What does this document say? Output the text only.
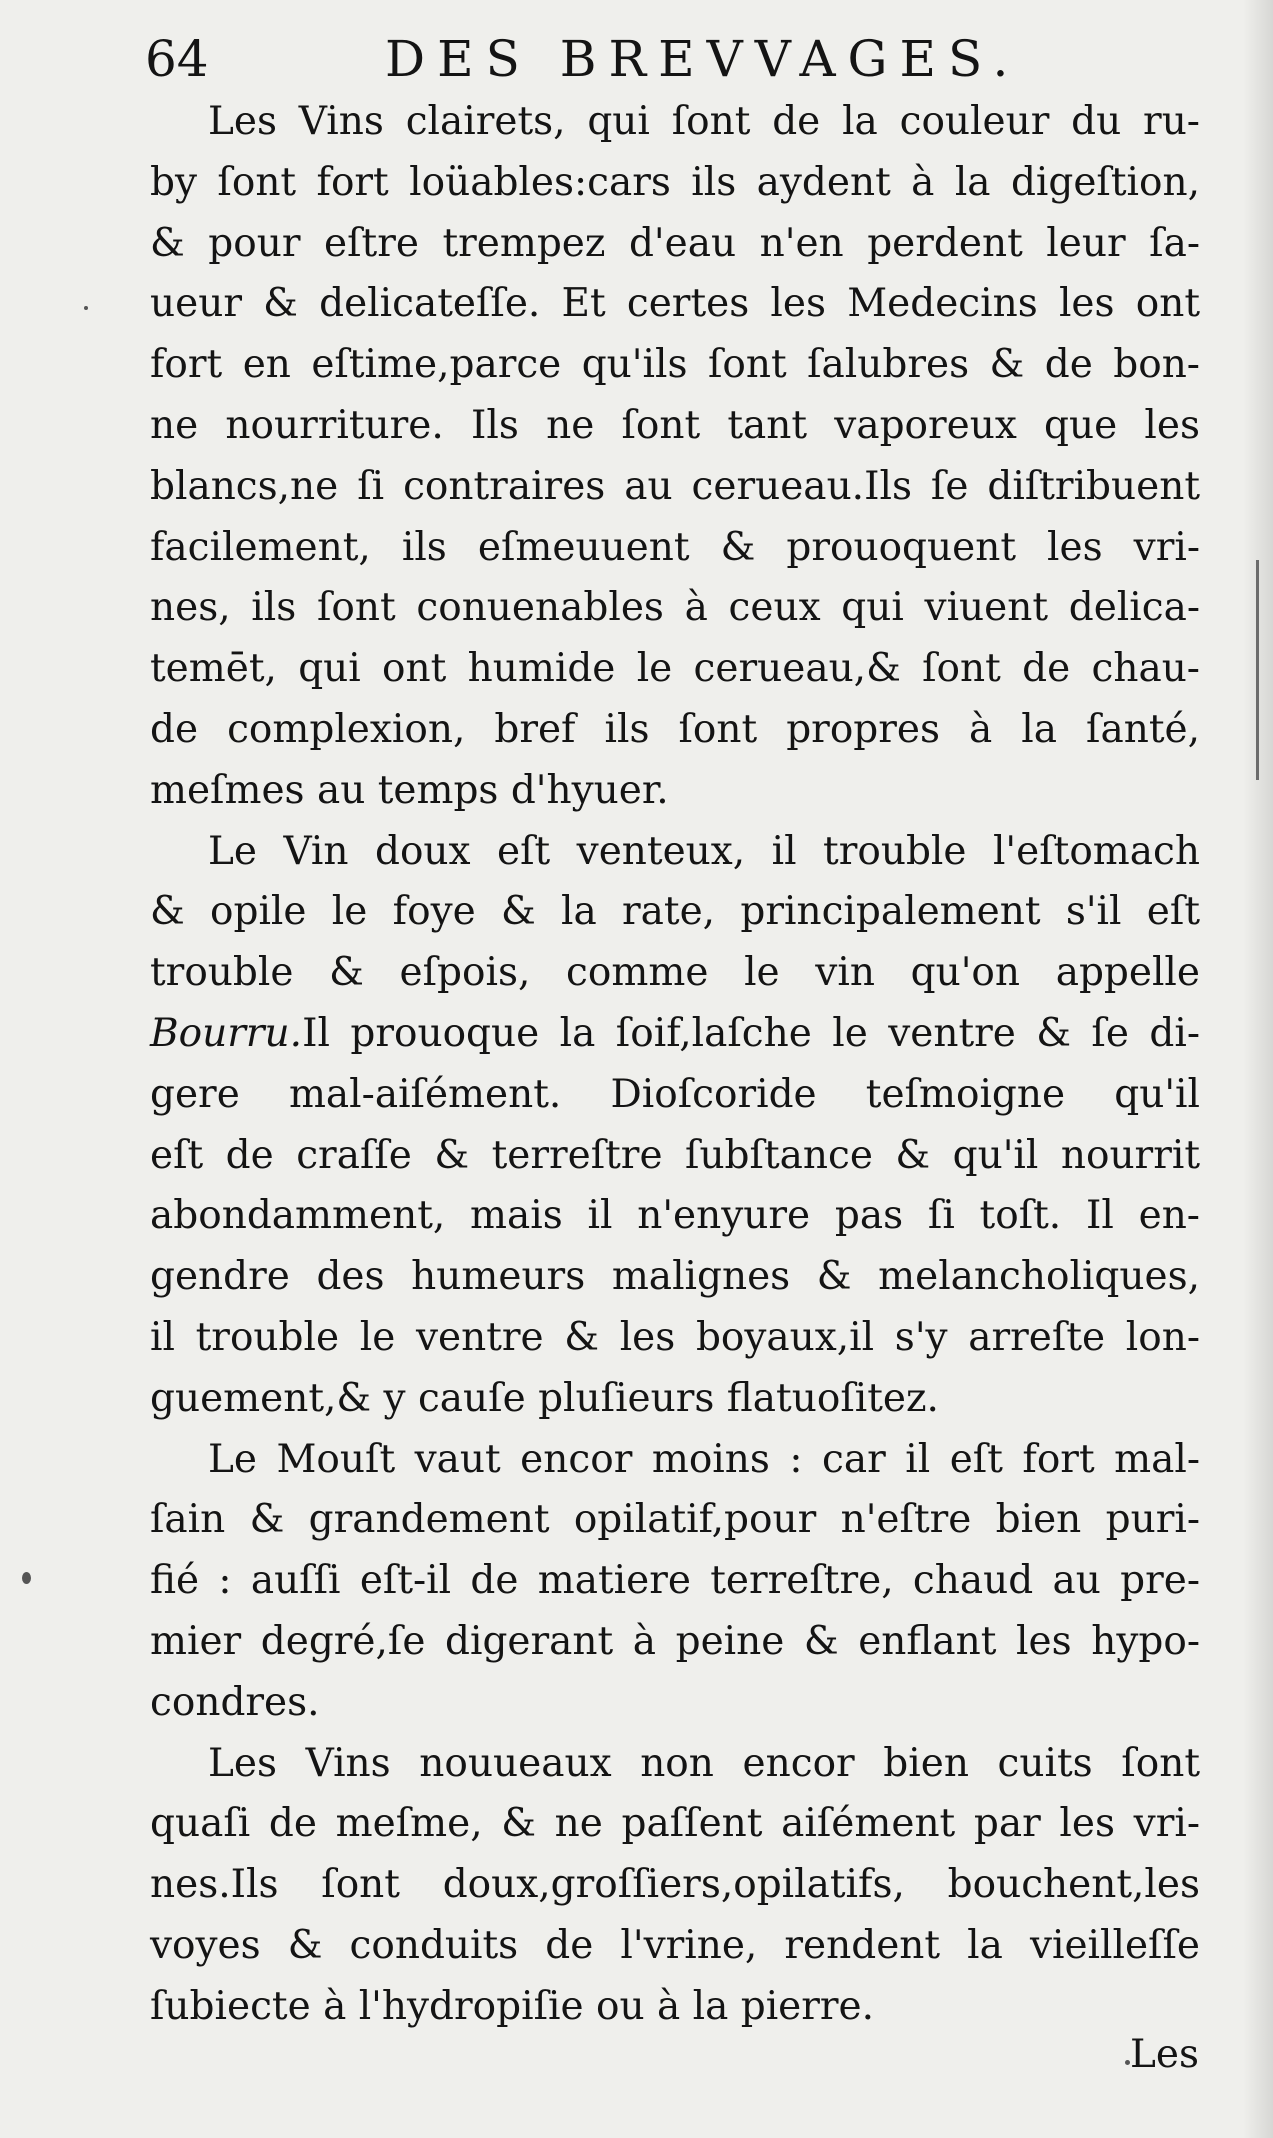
64	DES BREVVAGES.
Les Vins clairets, qui ſont de la couleur du ru-
by ſont fort loüables:cars ils aydent à la digeſtion,
& pour eſtre trempez d'eau n'en perdent leur ſa-
ueur & delicateſſe. Et certes les Medecins les ont
fort en eſtime,parce qu'ils ſont ſalubres & de bon-
ne nourriture. Ils ne ſont tant vaporeux que les
blancs,ne ſi contraires au cerueau.Ils ſe diſtribuent
facilement, ils eſmeuuent & prouoquent les vri-
nes, ils ſont conuenables à ceux qui viuent delica-
temēt, qui ont humide le cerueau,& ſont de chau-
de complexion, bref ils ſont propres à la ſanté,
meſmes au temps d'hyuer.
Le Vin doux eſt venteux, il trouble l'eſtomach
& opile le foye & la rate, principalement s'il eſt
trouble & eſpois, comme le vin qu'on appelle
Bourru.Il prouoque la ſoif,laſche le ventre & ſe di-
gere mal-aiſément. Dioſcoride teſmoigne qu'il
eſt de craſſe & terreſtre ſubſtance & qu'il nourrit
abondamment, mais il n'enyure pas ſi toſt. Il en-
gendre des humeurs malignes & melancholiques,
il trouble le ventre & les boyaux,il s'y arreſte lon-
guement,& y cauſe pluſieurs flatuoſitez.
Le Mouſt vaut encor moins : car il eſt fort mal-
ſain & grandement opilatif,pour n'eſtre bien puri-
fié : auſſi eſt-il de matiere terreſtre, chaud au pre-
mier degré,ſe digerant à peine & enflant les hypo-
condres.
Les Vins nouueaux non encor bien cuits ſont
quaſi de meſme, & ne paſſent aiſément par les vri-
nes.Ils ſont doux,groſſiers,opilatifs, bouchent,les
voyes & conduits de l'vrine, rendent la vieilleſſe
ſubiecte à l'hydropiſie ou à la pierre.
Les
